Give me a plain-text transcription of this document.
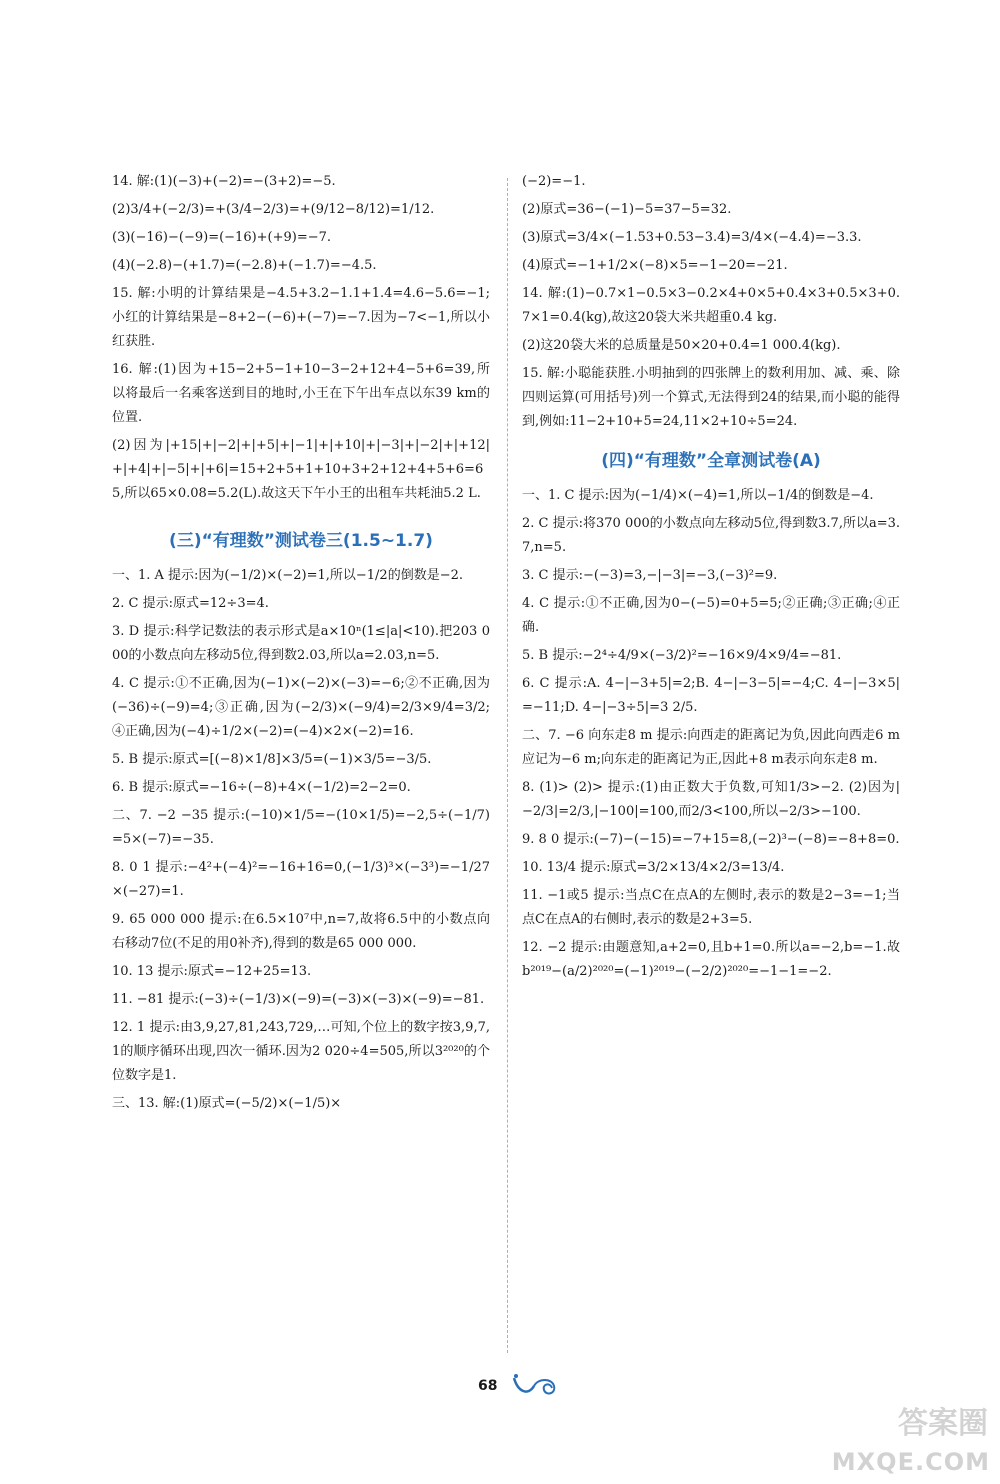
14. 解:(1)(−3)+(−2)=−(3+2)=−5.

(2)3/4+(−2/3)=+(3/4−2/3)=+(9/12−8/12)=1/12.

(3)(−16)−(−9)=(−16)+(+9)=−7.

(4)(−2.8)−(+1.7)=(−2.8)+(−1.7)=−4.5.

15. 解:小明的计算结果是−4.5+3.2−1.1+1.4=4.6−5.6=−1;小红的计算结果是−8+2−(−6)+(−7)=−7.因为−7<−1,所以小红获胜.

16. 解:(1)因为+15−2+5−1+10−3−2+12+4−5+6=39,所以将最后一名乘客送到目的地时,小王在下午出车点以东39 km的位置.

(2)因为|+15|+|−2|+|+5|+|−1|+|+10|+|−3|+|−2|+|+12|+|+4|+|−5|+|+6|=15+2+5+1+10+3+2+12+4+5+6=65,所以65×0.08=5.2(L).故这天下午小王的出租车共耗油5.2 L.

(三)“有理数”测试卷三(1.5~1.7)

一、1. A 提示:因为(−1/2)×(−2)=1,所以−1/2的倒数是−2.

2. C 提示:原式=12÷3=4.

3. D 提示:科学记数法的表示形式是a×10ⁿ(1≤|a|<10).把203 000的小数点向左移动5位,得到数2.03,所以a=2.03,n=5.

4. C 提示:①不正确,因为(−1)×(−2)×(−3)=−6;②不正确,因为(−36)÷(−9)=4;③正确,因为(−2/3)×(−9/4)=2/3×9/4=3/2;④正确,因为(−4)÷1/2×(−2)=(−4)×2×(−2)=16.

5. B 提示:原式=[(−8)×1/8]×3/5=(−1)×3/5=−3/5.

6. B 提示:原式=−16÷(−8)+4×(−1/2)=2−2=0.

二、7. −2 −35 提示:(−10)×1/5=−(10×1/5)=−2,5÷(−1/7)=5×(−7)=−35.

8. 0 1 提示:−4²+(−4)²=−16+16=0,(−1/3)³×(−3³)=−1/27×(−27)=1.

9. 65 000 000 提示:在6.5×10⁷中,n=7,故将6.5中的小数点向右移动7位(不足的用0补齐),得到的数是65 000 000.

10. 13 提示:原式=−12+25=13.

11. −81 提示:(−3)÷(−1/3)×(−9)=(−3)×(−3)×(−9)=−81.

12. 1 提示:由3,9,27,81,243,729,…可知,个位上的数字按3,9,7,1的顺序循环出现,四次一循环.因为2 020÷4=505,所以3²⁰²⁰的个位数字是1.

三、13. 解:(1)原式=(−5/2)×(−1/5)×

(−2)=−1.

(2)原式=36−(−1)−5=37−5=32.

(3)原式=3/4×(−1.53+0.53−3.4)=3/4×(−4.4)=−3.3.

(4)原式=−1+1/2×(−8)×5=−1−20=−21.

14. 解:(1)−0.7×1−0.5×3−0.2×4+0×5+0.4×3+0.5×3+0.7×1=0.4(kg),故这20袋大米共超重0.4 kg.

(2)这20袋大米的总质量是50×20+0.4=1 000.4(kg).

15. 解:小聪能获胜.小明抽到的四张牌上的数利用加、减、乘、除四则运算(可用括号)列一个算式,无法得到24的结果,而小聪的能得到,例如:11−2+10+5=24,11×2+10÷5=24.

(四)“有理数”全章测试卷(A)

一、1. C 提示:因为(−1/4)×(−4)=1,所以−1/4的倒数是−4.

2. C 提示:将370 000的小数点向左移动5位,得到数3.7,所以a=3.7,n=5.

3. C 提示:−(−3)=3,−|−3|=−3,(−3)²=9.

4. C 提示:①不正确,因为0−(−5)=0+5=5;②正确;③正确;④正确.

5. B 提示:−2⁴÷4/9×(−3/2)²=−16×9/4×9/4=−81.

6. C 提示:A. 4−|−3+5|=2;B. 4−|−3−5|=−4;C. 4−|−3×5|=−11;D. 4−|−3÷5|=3 2/5.

二、7. −6 向东走8 m 提示:向西走的距离记为负,因此向西走6 m应记为−6 m;向东走的距离记为正,因此+8 m表示向东走8 m.

8. (1)> (2)> 提示:(1)由正数大于负数,可知1/3>−2. (2)因为|−2/3|=2/3,|−100|=100,而2/3<100,所以−2/3>−100.

9. 8 0 提示:(−7)−(−15)=−7+15=8,(−2)³−(−8)=−8+8=0.

10. 13/4 提示:原式=3/2×13/4×2/3=13/4.

11. −1或5 提示:当点C在点A的左侧时,表示的数是2−3=−1;当点C在点A的右侧时,表示的数是2+3=5.

12. −2 提示:由题意知,a+2=0,且b+1=0.所以a=−2,b=−1.故b²⁰¹⁹−(a/2)²⁰²⁰=(−1)²⁰¹⁹−(−2/2)²⁰²⁰=−1−1=−2.

68
答案圈
MXQE.COM
